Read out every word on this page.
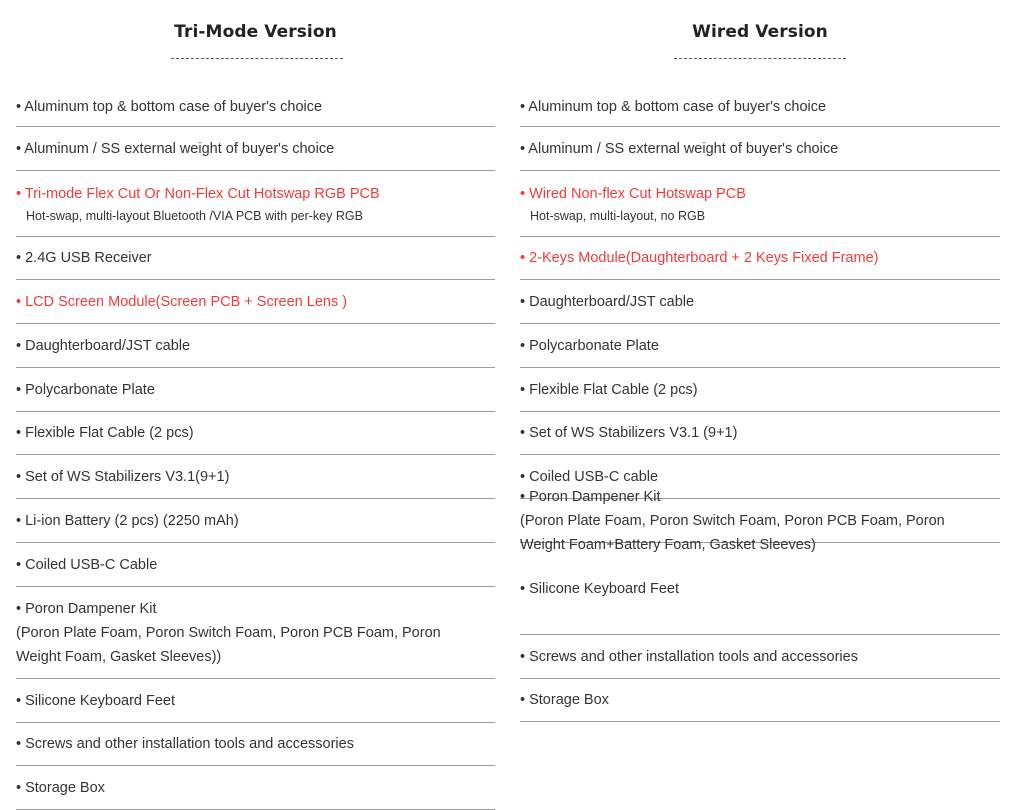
Tri-Mode Version
• Aluminum top & bottom case of buyer's choice
• Aluminum / SS external weight of buyer's choice
• Tri-mode Flex Cut Or Non-Flex Cut Hotswap RGB PCB
Hot-swap, multi-layout Bluetooth /VIA PCB with per-key RGB
• 2.4G USB Receiver
• LCD Screen Module(Screen PCB + Screen Lens )
• Daughterboard/JST cable
• Polycarbonate Plate
• Flexible Flat Cable (2 pcs)
• Set of WS Stabilizers V3.1(9+1)
• Li-ion Battery (2 pcs) (2250 mAh)
• Coiled USB-C Cable
• Poron Dampener Kit
(Poron Plate Foam, Poron Switch Foam, Poron PCB Foam, Poron
Weight Foam, Gasket Sleeves))
• Silicone Keyboard Feet
• Screws and other installation tools and accessories
• Storage Box
Wired Version
• Aluminum top & bottom case of buyer's choice
• Aluminum / SS external weight of buyer's choice
• Wired Non-flex Cut Hotswap PCB
Hot-swap, multi-layout, no RGB
• 2-Keys Module(Daughterboard + 2 Keys Fixed Frame)
• Daughterboard/JST cable
• Polycarbonate Plate
• Flexible Flat Cable (2 pcs)
• Set of WS Stabilizers V3.1 (9+1)
• Coiled USB-C cable
• Poron Dampener Kit
(Poron Plate Foam, Poron Switch Foam, Poron PCB Foam, Poron
Weight Foam+Battery Foam, Gasket Sleeves)
• Silicone Keyboard Feet
• Screws and other installation tools and accessories
• Storage Box
